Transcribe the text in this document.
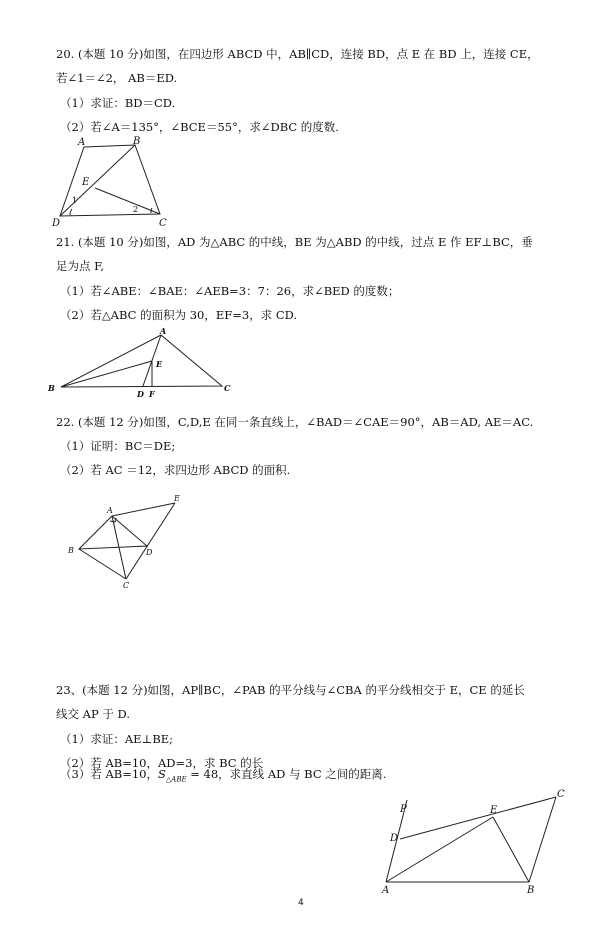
20. (本题 10 分)如图，在四边形 ABCD 中，AB∥CD，连接 BD，点 E 在 BD 上，连接 CE，
若∠1＝∠2， AB＝ED.
（1）求证：BD＝CD.
（2）若∠A＝135°，∠BCE＝55°，求∠DBC 的度数.
A	B
C
D
E
1
2
21. (本题 10 分)如图，AD 为△ABC 的中线，BE 为△ABD 的中线，过点 E 作 EF⊥BC，垂
足为点 F,
（1）若∠ABE：∠BAE：∠AEB=3：7：26，求∠BED 的度数；
（2）若△ABC 的面积为 30，EF=3，求 CD.
A
B	C
D
E
F
22. (本题 12 分)如图，C,D,E 在同一条直线上，∠BAD＝∠CAE＝90°，AB＝AD, AE＝AC.
（1）证明：BC＝DE;
（2）若 AC ＝12，求四边形 ABCD 的面积.
A
B
C
D
E
23、(本题 12 分)如图，AP∥BC，∠PAB 的平分线与∠CBA 的平分线相交于 E，CE 的延长
线交 AP 于 D.
（1）求证：AE⊥BE;
（2）若 AB=10，AD=3，求 BC 的长
（3）若 AB=10，$S_{\triangle ABE} = 48$，求直线 AD 与 BC 之间的距离.
P
D
E
C
A	B
4
